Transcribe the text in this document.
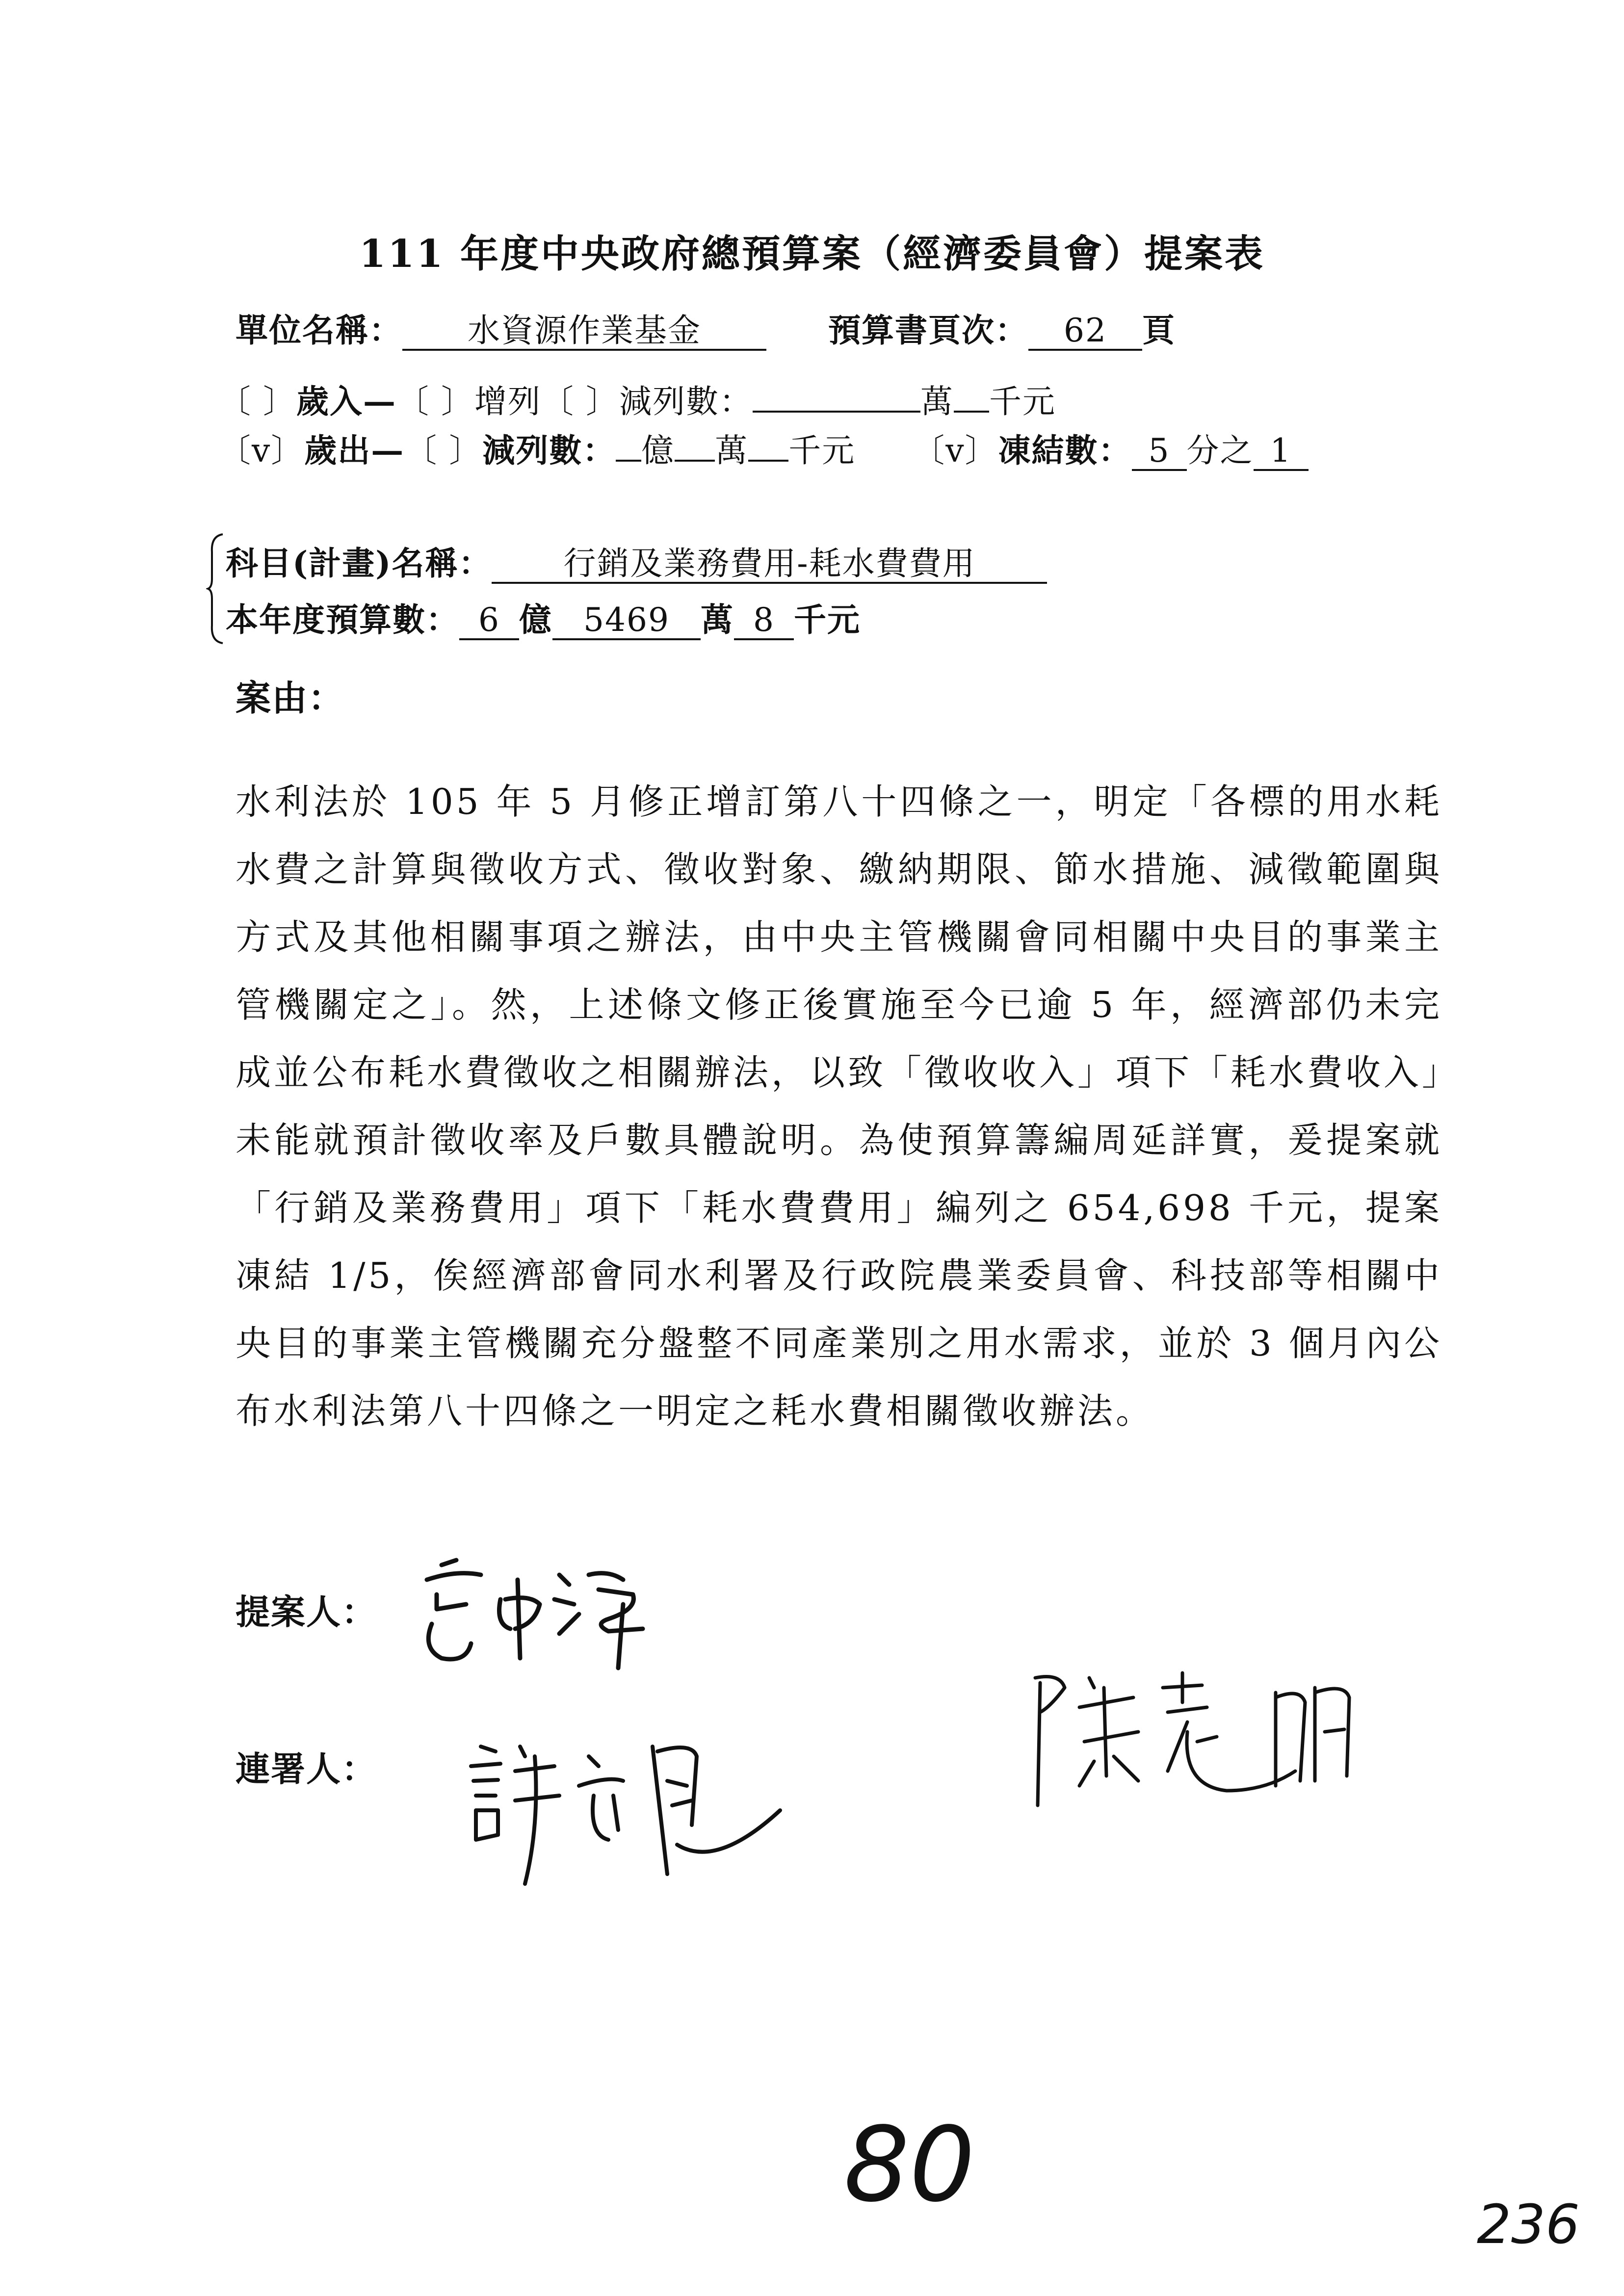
111 年度中央政府總預算案（經濟委員會）提案表
單位名稱： 水資源作業基金	預算書頁次： 62 頁
〔 〕歲入—〔 〕增列〔 〕減列數：	萬 千元
〔v〕歲出—〔 〕減列數： 億 萬 千元 〔v〕凍結數： 5 分之 1
科目(計畫)名稱： 行銷及業務費用-耗水費費用
本年度預算數： 6 億 5469 萬 8 千元
案由：
水利法於 105 年 5 月修正增訂第八十四條之一，明定「各標的用水耗水費之計算與徵收方式、徵收對象、繳納期限、節水措施、減徵範圍與方式及其他相關事項之辦法，由中央主管機關會同相關中央目的事業主管機關定之」。然，上述條文修正後實施至今已逾 5 年，經濟部仍未完成並公布耗水費徵收之相關辦法，以致「徵收收入」項下「耗水費收入」未能就預計徵收率及戶數具體說明。為使預算籌編周延詳實，爰提案就「行銷及業務費用」項下「耗水費費用」編列之 654,698 千元，提案凍結 1/5，俟經濟部會同水利署及行政院農業委員會、科技部等相關中央目的事業主管機關充分盤整不同產業別之用水需求，並於 3 個月內公布水利法第八十四條之一明定之耗水費相關徵收辦法。
提案人：
連署人：
80	236
